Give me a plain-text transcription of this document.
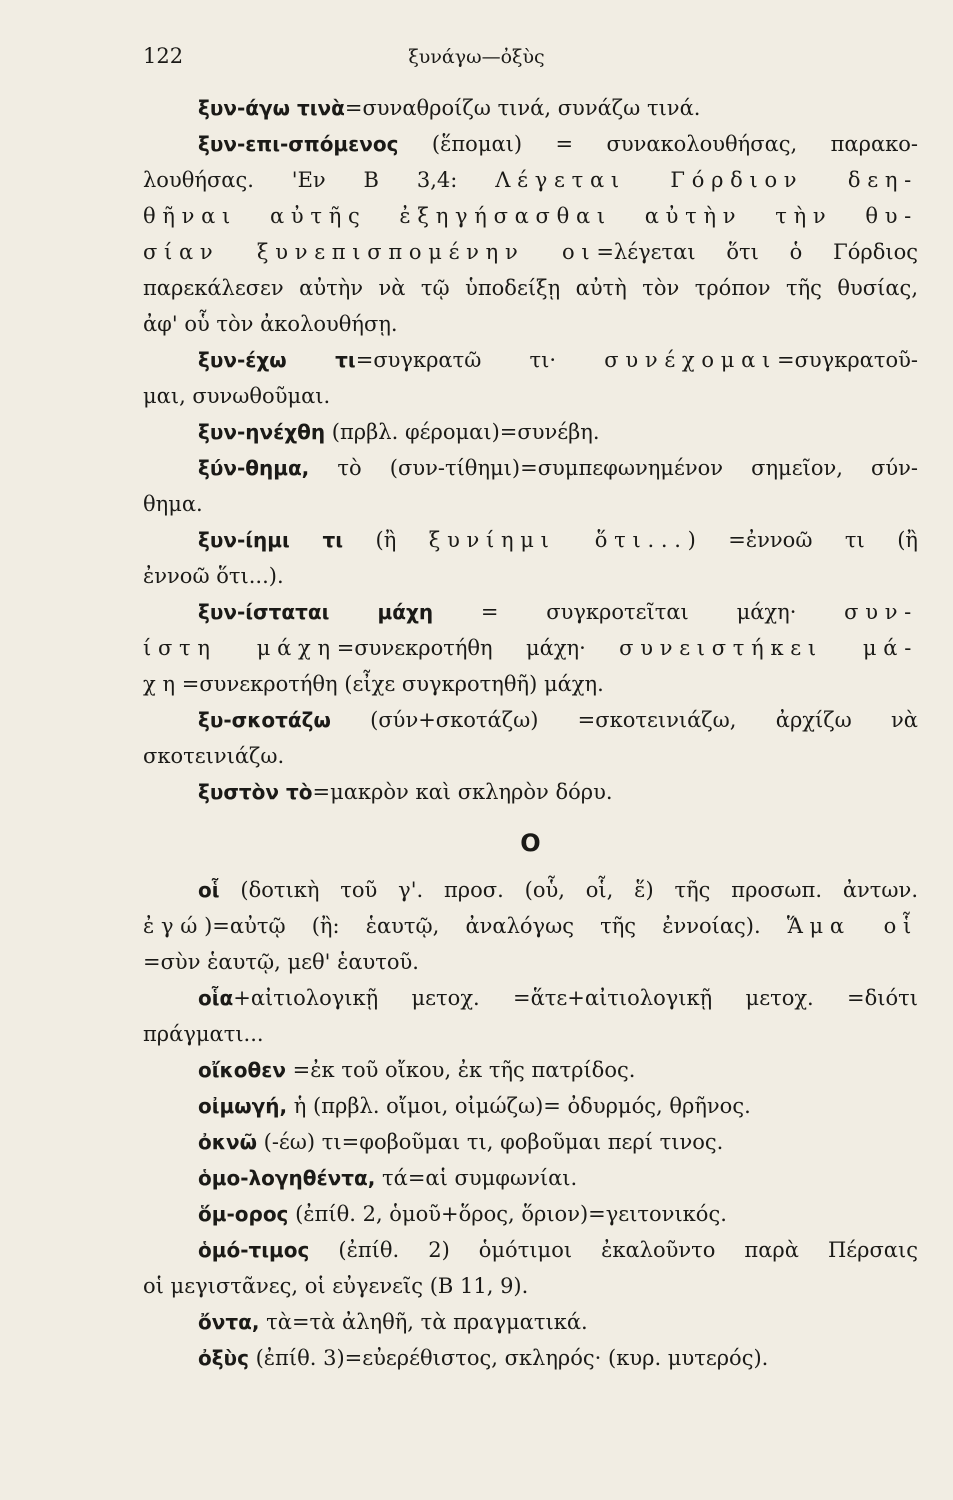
122	ξυνάγω—ὀξὺς
ξυν-άγω τινὰ=συναθροίζω τινά, συνάζω τινά.
ξυν-επι-σπόμενος (ἕπομαι) = συνακολουθήσας, παρακο-
λουθήσας. 'Εν Β 3,4: Λέγεται Γόρδιον δεη-
θῆναι αὐτῆς ἐξηγήσασθαι αὐτὴν τὴν θυ-
σίαν ξυνεπισπομένην οι=λέγεται ὅτι ὁ Γόρδιος
παρεκάλεσεν αὐτὴν νὰ τῷ ὑποδείξῃ αὐτὴ τὸν τρόπον τῆς θυσίας,
ἀφ' οὗ τὸν ἀκολουθήσῃ.
ξυν-έχω τι=συγκρατῶ τι· συνέχομαι=συγκρατοῦ-
μαι, συνωθοῦμαι.
ξυν-ηνέχθη (πρβλ. φέρομαι)=συνέβη.
ξύν-θημα, τὸ (συν-τίθημι)=συμπεφωνημένον σημεῖον, σύν-
θημα.
ξυν-ίημι τι (ἢ ξυνίημι ὅτι...) =ἐννοῶ τι (ἢ
ἐννοῶ ὅτι...).
ξυν-ίσταται μάχη = συγκροτεῖται μάχη· συν-
ίστη μάχη=συνεκροτήθη μάχη· συνειστήκει μά-
χη=συνεκροτήθη (εἶχε συγκροτηθῆ) μάχη.
ξυ-σκοτάζω (σύν+σκοτάζω) =σκοτεινιάζω, ἀρχίζω νὰ
σκοτεινιάζω.
ξυστὸν τὸ=μακρὸν καὶ σκληρὸν δόρυ.
Ο
οἷ (δοτικὴ τοῦ γ'. προσ. (οὗ, οἷ, ἕ) τῆς προσωπ. ἀντων.
ἐγώ)=αὐτῷ (ἢ: ἑαυτῷ, ἀναλόγως τῆς ἐννοίας). Ἅμα οἷ
=σὺν ἑαυτῷ, μεθ' ἑαυτοῦ.
οἷα+αἰτιολογικῇ μετοχ. =ἅτε+αἰτιολογικῇ μετοχ. =διότι
πράγματι...
οἴκοθεν =ἐκ τοῦ οἴκου, ἐκ τῆς πατρίδος.
οἰμωγή, ἡ (πρβλ. οἴμοι, οἰμώζω)= ὀδυρμός, θρῆνος.
ὀκνῶ (-έω) τι=φοβοῦμαι τι, φοβοῦμαι περί τινος.
ὁμο-λογηθέντα, τά=αἱ συμφωνίαι.
ὅμ-ορος (ἐπίθ. 2, ὁμοῦ+ὅρος, ὅριον)=γειτονικός.
ὁμό-τιμος (ἐπίθ. 2) ὁμότιμοι ἐκαλοῦντο παρὰ Πέρσαις
οἱ μεγιστᾶνες, οἱ εὐγενεῖς (Β 11, 9).
ὄντα, τὰ=τὰ ἀληθῆ, τὰ πραγματικά.
ὀξὺς (ἐπίθ. 3)=εὐερέθιστος, σκληρός· (κυρ. μυτερός).
